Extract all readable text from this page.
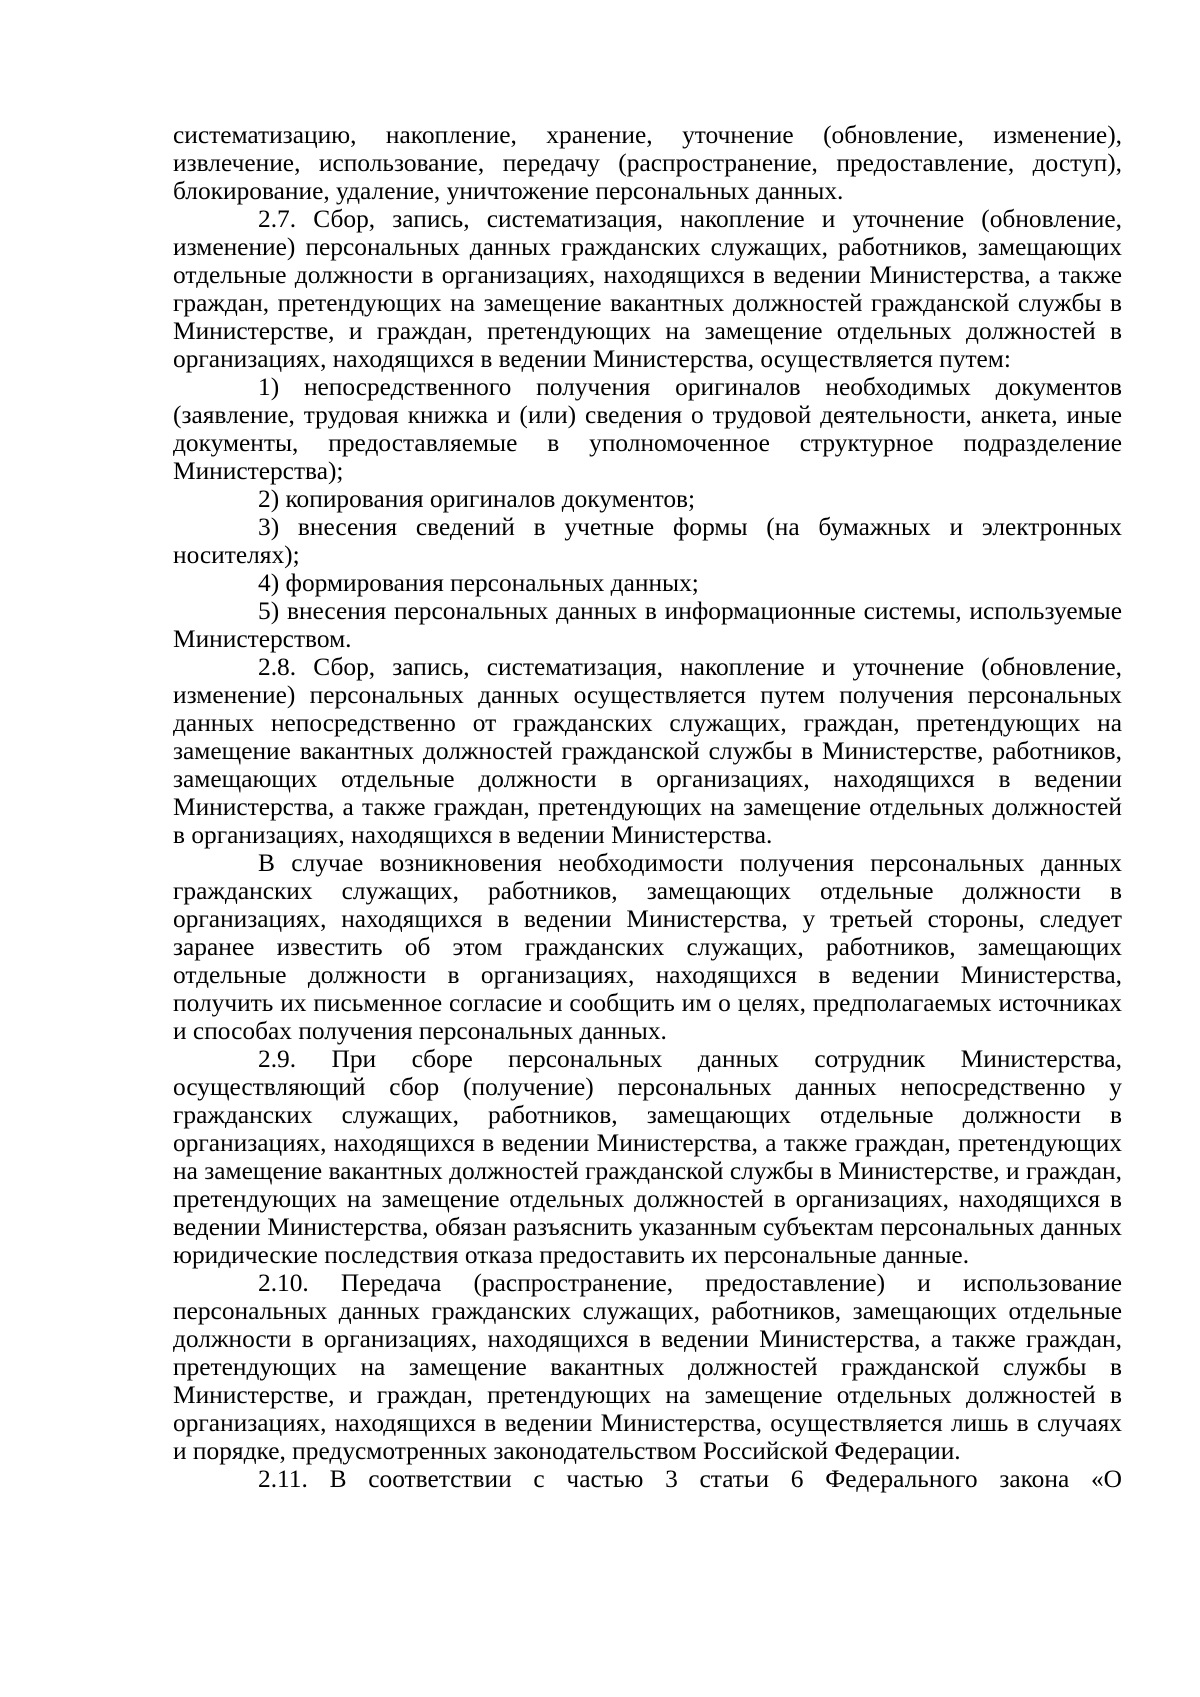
систематизацию, накопление, хранение, уточнение (обновление, изменение), извлечение, использование, передачу (распространение, предоставление, доступ), блокирование, удаление, уничтожение персональных данных.

2.7. Сбор, запись, систематизация, накопление и уточнение (обновление, изменение) персональных данных гражданских служащих, работников, замещающих отдельные должности в организациях, находящихся в ведении Министерства, а также граждан, претендующих на замещение вакантных должностей гражданской службы в Министерстве, и граждан, претендующих на замещение отдельных должностей в организациях, находящихся в ведении Министерства, осуществляется путем:

1) непосредственного получения оригиналов необходимых документов (заявление, трудовая книжка и (или) сведения о трудовой деятельности, анкета, иные документы, предоставляемые в уполномоченное структурное подразделение Министерства);

2) копирования оригиналов документов;

3) внесения сведений в учетные формы (на бумажных и электронных носителях);

4) формирования персональных данных;

5) внесения персональных данных в информационные системы, используемые Министерством.

2.8. Сбор, запись, систематизация, накопление и уточнение (обновление, изменение) персональных данных осуществляется путем получения персональных данных непосредственно от гражданских служащих, граждан, претендующих на замещение вакантных должностей гражданской службы в Министерстве, работников, замещающих отдельные должности в организациях, находящихся в ведении Министерства, а также граждан, претендующих на замещение отдельных должностей в организациях, находящихся в ведении Министерства.

В случае возникновения необходимости получения персональных данных гражданских служащих, работников, замещающих отдельные должности в организациях, находящихся в ведении Министерства, у третьей стороны, следует заранее известить об этом гражданских служащих, работников, замещающих отдельные должности в организациях, находящихся в ведении Министерства, получить их письменное согласие и сообщить им о целях, предполагаемых источниках и способах получения персональных данных.

2.9. При сборе персональных данных сотрудник Министерства, осуществляющий сбор (получение) персональных данных непосредственно у гражданских служащих, работников, замещающих отдельные должности в организациях, находящихся в ведении Министерства, а также граждан, претендующих на замещение вакантных должностей гражданской службы в Министерстве, и граждан, претендующих на замещение отдельных должностей в организациях, находящихся в ведении Министерства, обязан разъяснить указанным субъектам персональных данных юридические последствия отказа предоставить их персональные данные.

2.10. Передача (распространение, предоставление) и использование персональных данных гражданских служащих, работников, замещающих отдельные должности в организациях, находящихся в ведении Министерства, а также граждан, претендующих на замещение вакантных должностей гражданской службы в Министерстве, и граждан, претендующих на замещение отдельных должностей в организациях, находящихся в ведении Министерства, осуществляется лишь в случаях и порядке, предусмотренных законодательством Российской Федерации.

2.11. В соответствии с частью 3 статьи 6 Федерального закона «О
